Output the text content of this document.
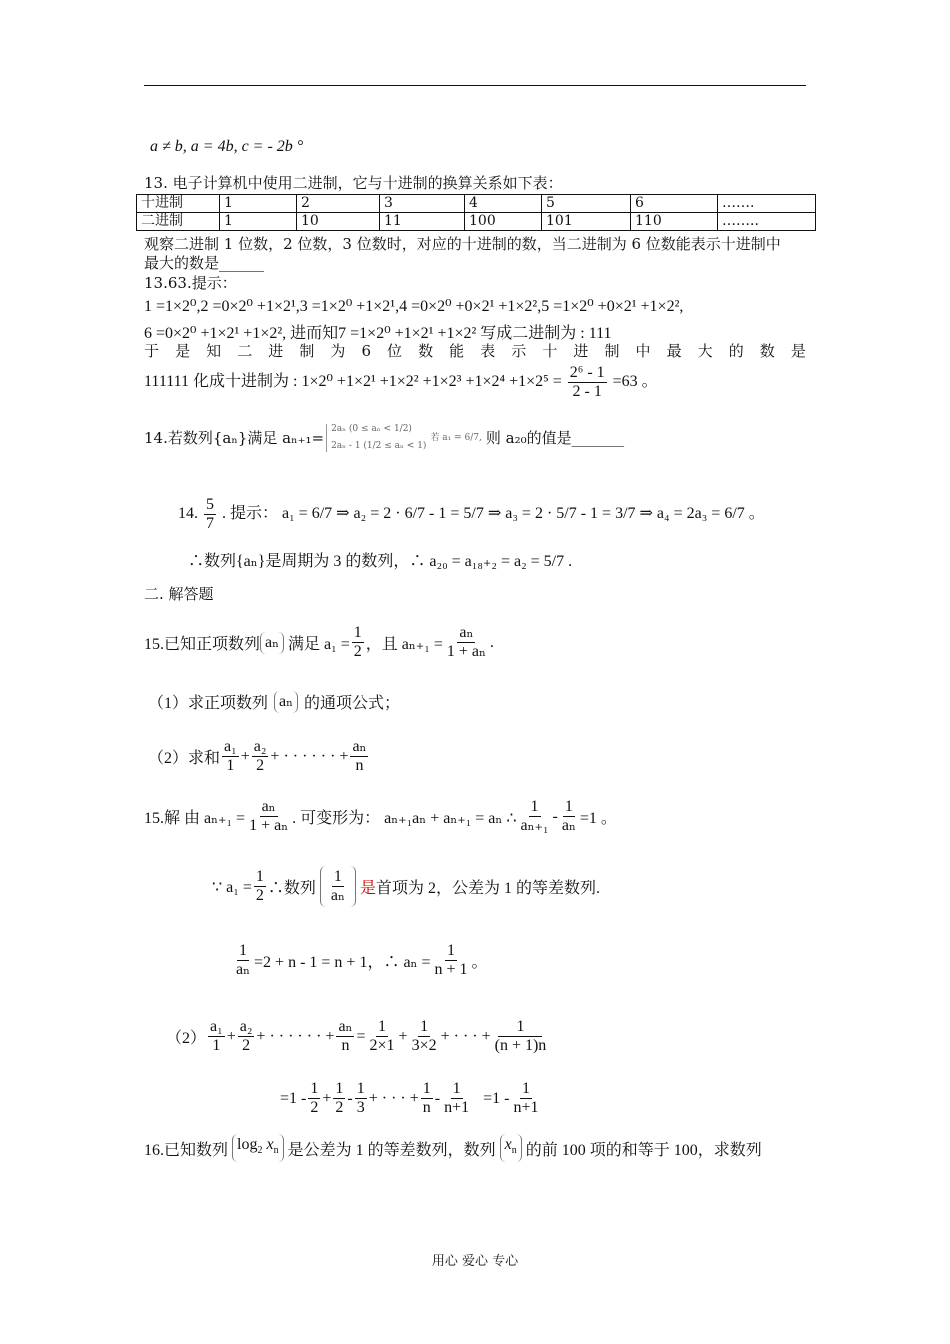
a ≠ b, a = 4b, c = - 2b °
13. 电子计算机中使用二进制，它与十进制的换算关系如下表：
十进制	1	2	3	4	5	6	…….
二进制	1	10	11	100	101	110	……..
观察二进制 1 位数，2 位数，3 位数时，对应的十进制的数，当二进制为 6 位数能表示十进制中
最大的数是______
13.63.提示：
1 =1×2⁰,2 =0×2⁰ +1×2¹,3 =1×2⁰ +1×2¹,4 =0×2⁰ +0×2¹ +1×2²,5 =1×2⁰ +0×2¹ +1×2²,
6 =0×2⁰ +1×2¹ +1×2², 进而知7 =1×2⁰ +1×2¹ +1×2² 写成二进制为 : 111
于 是 知 二 进 制 为 6 位 数 能 表 示 十 进 制 中 最 大 的 数 是
111111 化成十进制为 : $1\times 2^0 +1\times 2^1 +1\times 2^2 +1\times 2^3 +1\times 2^4 +1\times 2^5 = \frac{\text{2⁶ - 1}}{2 - 1} =63$ 。
14.若数列{aₙ}满足 aₙ₊₁= 2aₙ (0 ≤ aₙ < 1/2)
2aₙ - 1 (1/2 ≤ aₙ < 1)
若 a₁ = 6/7, 则 a₂₀的值是_______
14. $\frac{5}{7}$ . 提示： a₁ = 6/7 ⇒ a₂ = 2 · 6/7 - 1 = 5/7 ⇒ a₃ = 2 · 5/7 - 1 = 3/7 ⇒ a₄ = 2a₃ = 6/7 。
∴数列{aₙ}是周期为 3 的数列，∴ a₂₀ = a₁₈₊₂ = a₂ = 5/7 .
二. 解答题
15.已知正项数列 aₙ 满足 $a_1 = \frac{1}{2}$ ，且 $a_{n+1} = \frac{\text{aₙ}}{\text{1 + aₙ}}$ .
（1）求正项数列 aₙ 的通项公式；
（2）求和 $\frac{\text{a₁}}{1} + \frac{\text{a₂}}{2}$ + · · · · · · + $\frac{\text{aₙ}}{n}$
15.解 由 $a_{n+1} = \frac{\text{aₙ}}{\text{1 + aₙ}}$ . 可变形为： aₙ₊₁aₙ + aₙ₊₁ = aₙ ∴ $\frac{1}{\text{aₙ₊₁}} - \frac{1}{\text{aₙ}} =1$ 。
∵ $a_1 = \frac{1}{2}$ ∴数列 $\frac{1}{\text{aₙ}}$ 是 首项为 2，公差为 1 的等差数列.
$\frac{1}{\text{aₙ}} =2 + n - 1 = n + 1$，∴ $a_n = \frac{1}{n + 1}$ 。
$(2) \frac{\text{a₁}}{1} + \frac{\text{a₂}}{2}$ + · · · · · · + $\frac{\text{aₙ}}{n} = \frac{1}{2\times 1} + \frac{1}{3\times 2}$ + · · · + $\frac{1}{(n + 1)n}$
$=1 - \frac{1}{2} + \frac{1}{2} - \frac{1}{3}$ + · · · + $\frac{1}{n} - \frac{1}{n+1} =1 - \frac{1}{n+1}$
16.已知数列 $\log_2 x_n$ 是公差为 1 的等差数列，数列 $x_n$ 的前 100 项的和等于 100，求数列
用心 爱心 专心
